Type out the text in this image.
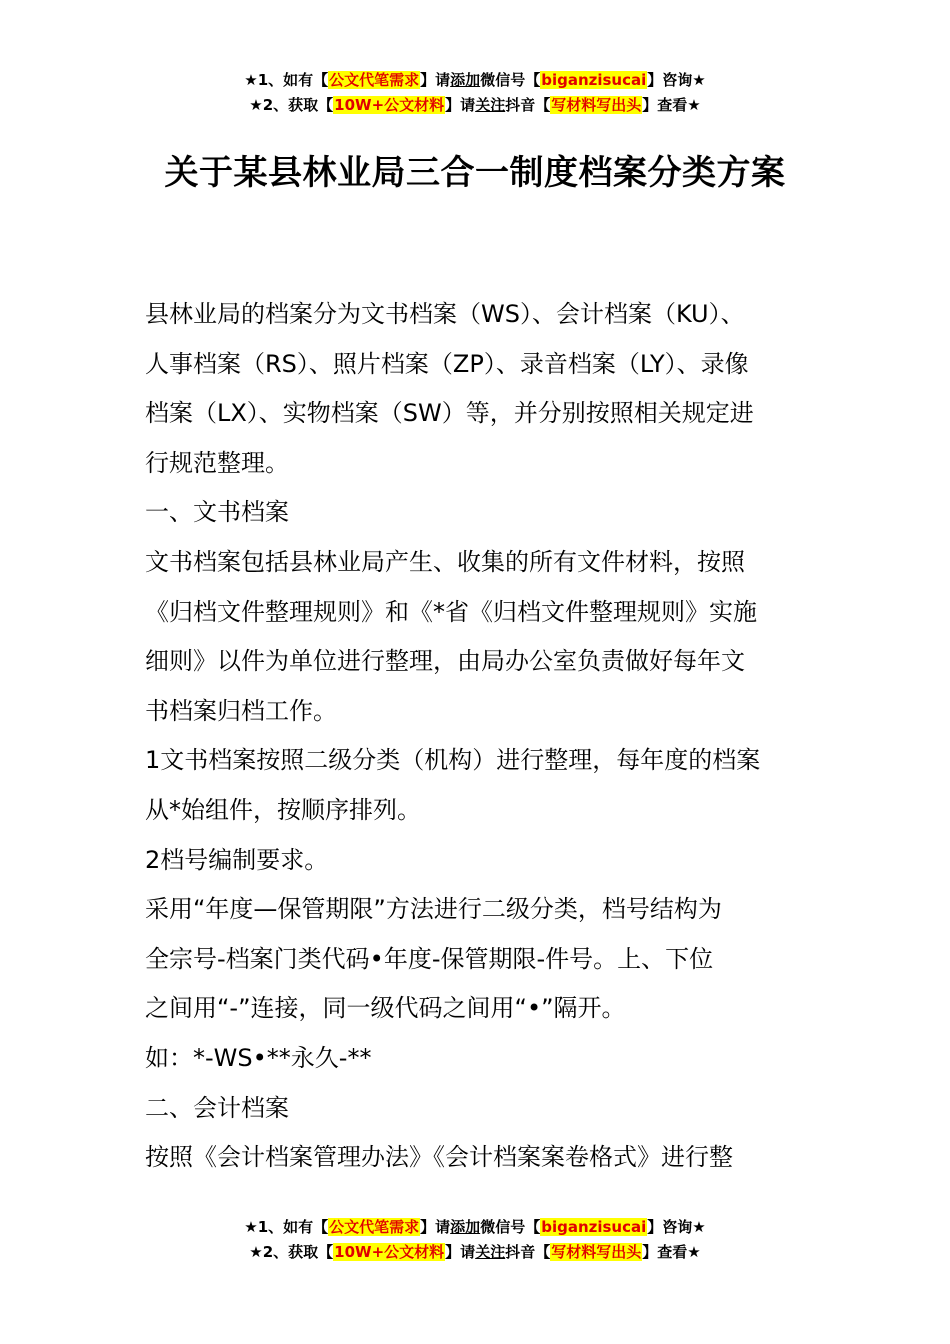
★1、如有【公文代笔需求】请添加微信号【biganzisucai】咨询★
★2、获取【10W+公文材料】请关注抖音【写材料写出头】查看★
关于某县林业局三合一制度档案分类方案

县林业局的档案分为文书档案（WS）、会计档案（KU）、

人事档案（RS）、照片档案（ZP）、录音档案（LY）、录像

档案（LX）、实物档案（SW）等，并分别按照相关规定进

行规范整理。

一、文书档案

文书档案包括县林业局产生、收集的所有文件材料，按照

《归档文件整理规则》和《*省《归档文件整理规则》实施

细则》以件为单位进行整理，由局办公室负责做好每年文

书档案归档工作。

1文书档案按照二级分类（机构）进行整理，每年度的档案

从*始组件，按顺序排列。

2档号编制要求。

采用“年度—保管期限”方法进行二级分类，档号结构为

全宗号-档案门类代码•年度-保管期限-件号。上、下位

之间用“-”连接，同一级代码之间用“•”隔开。

如：*-WS•**永久-**

二、会计档案

按照《会计档案管理办法》《会计档案案卷格式》进行整

★1、如有【公文代笔需求】请添加微信号【biganzisucai】咨询★
★2、获取【10W+公文材料】请关注抖音【写材料写出头】查看★
